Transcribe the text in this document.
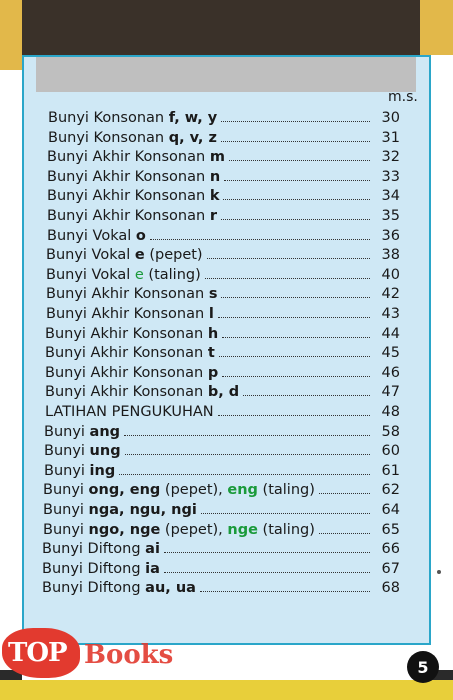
m.s.
Bunyi Konsonan f, w, y	30
Bunyi Konsonan q, v, z	31
Bunyi Akhir Konsonan m	32
Bunyi Akhir Konsonan n	33
Bunyi Akhir Konsonan k	34
Bunyi Akhir Konsonan r	35
Bunyi Vokal o	36
Bunyi Vokal e (pepet)	38
Bunyi Vokal e (taling)	40
Bunyi Akhir Konsonan s	42
Bunyi Akhir Konsonan l	43
Bunyi Akhir Konsonan h	44
Bunyi Akhir Konsonan t	45
Bunyi Akhir Konsonan p	46
Bunyi Akhir Konsonan b, d	47
LATIHAN PENGUKUHAN	48
Bunyi ang	58
Bunyi ung	60
Bunyi ing	61
Bunyi ong, eng (pepet), eng (taling)	62
Bunyi nga, ngu, ngi	64
Bunyi ngo, nge (pepet), nge (taling)	65
Bunyi Diftong ai	66
Bunyi Diftong ia	67
Bunyi Diftong au, ua	68
TOP Books	5
